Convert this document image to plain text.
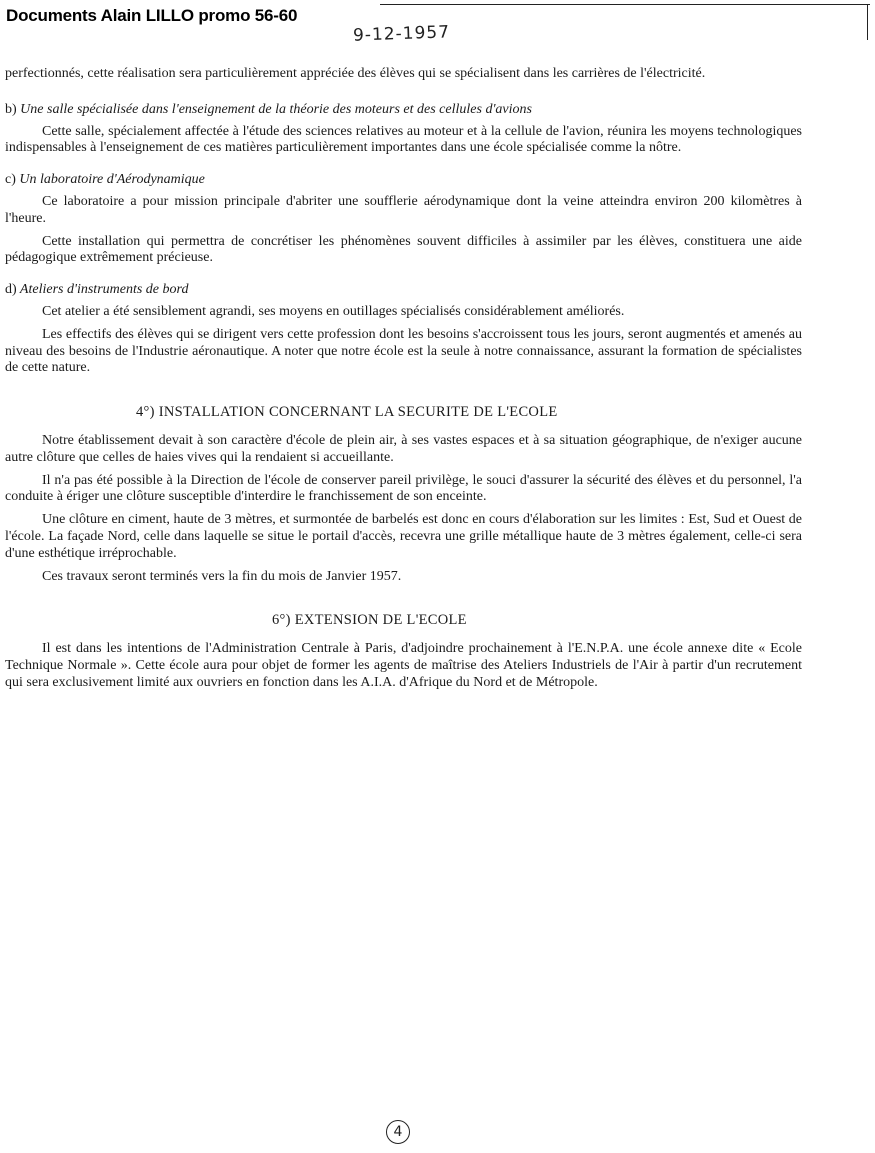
Documents Alain LILLO promo 56-60
9-12-1957

perfectionnés, cette réalisation sera particulièrement appréciée des élèves qui se spécialisent dans les carrières de l'électricité.

b) Une salle spécialisée dans l'enseignement de la théorie des moteurs et des cellules d'avions

Cette salle, spécialement affectée à l'étude des sciences relatives au moteur et à la cellule de l'avion, réunira les moyens technologiques indispensables à l'enseignement de ces matières particulièrement importantes dans une école spécialisée comme la nôtre.

c) Un laboratoire d'Aérodynamique

Ce laboratoire a pour mission principale d'abriter une soufflerie aérodynamique dont la veine atteindra environ 200 kilomètres à l'heure.

Cette installation qui permettra de concrétiser les phénomènes souvent difficiles à assimiler par les élèves, constituera une aide pédagogique extrêmement précieuse.

d) Ateliers d'instruments de bord

Cet atelier a été sensiblement agrandi, ses moyens en outillages spécialisés considérablement améliorés.

Les effectifs des élèves qui se dirigent vers cette profession dont les besoins s'accroissent tous les jours, seront augmentés et amenés au niveau des besoins de l'Industrie aéronautique. A noter que notre école est la seule à notre connaissance, assurant la formation de spécialistes de cette nature.

4°) INSTALLATION CONCERNANT LA SECURITE DE L'ECOLE

Notre établissement devait à son caractère d'école de plein air, à ses vastes espaces et à sa situation géographique, de n'exiger aucune autre clôture que celles de haies vives qui la rendaient si accueillante.

Il n'a pas été possible à la Direction de l'école de conserver pareil privilège, le souci d'assurer la sécurité des élèves et du personnel, l'a conduite à ériger une clôture susceptible d'interdire le franchissement de son enceinte.

Une clôture en ciment, haute de 3 mètres, et surmontée de barbelés est donc en cours d'élaboration sur les limites : Est, Sud et Ouest de l'école. La façade Nord, celle dans laquelle se situe le portail d'accès, recevra une grille métallique haute de 3 mètres également, celle-ci sera d'une esthétique irréprochable.

Ces travaux seront terminés vers la fin du mois de Janvier 1957.

6°) EXTENSION DE L'ECOLE

Il est dans les intentions de l'Administration Centrale à Paris, d'adjoindre prochainement à l'E.N.P.A. une école annexe dite « Ecole Technique Normale ». Cette école aura pour objet de former les agents de maîtrise des Ateliers Industriels de l'Air à partir d'un recrutement qui sera exclusivement limité aux ouvriers en fonction dans les A.I.A. d'Afrique du Nord et de Métropole.

4
